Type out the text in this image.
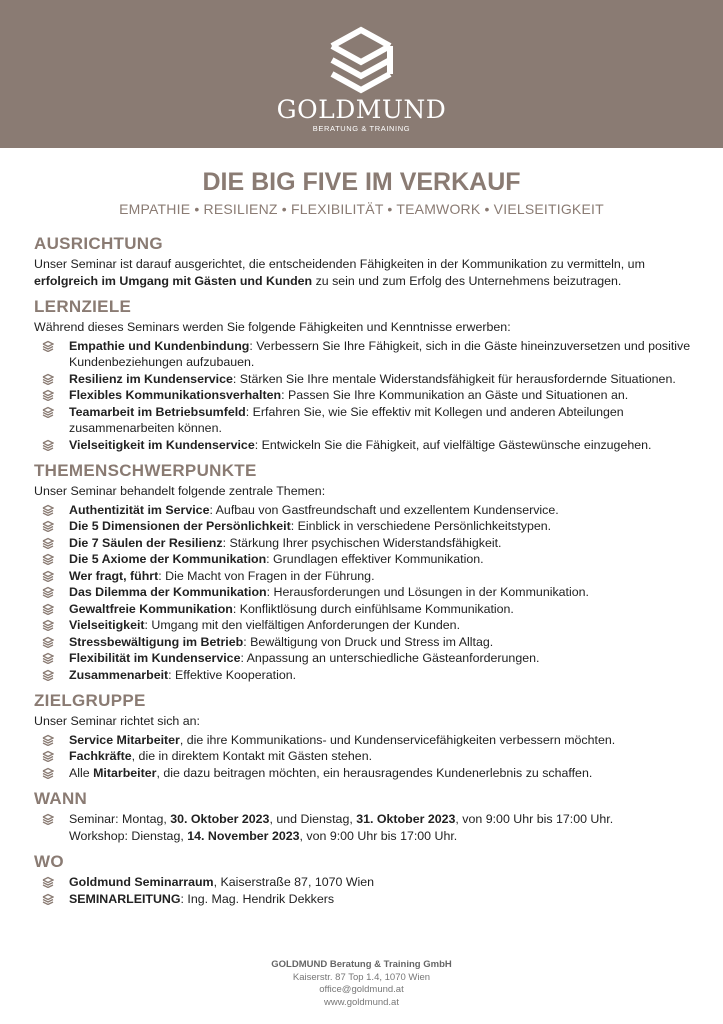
GOLDMUND
BERATUNG & TRAINING
DIE BIG FIVE IM VERKAUF
EMPATHIE • RESILIENZ • FLEXIBILITÄT • TEAMWORK • VIELSEITIGKEIT
AUSRICHTUNG

Unser Seminar ist darauf ausgerichtet, die entscheidenden Fähigkeiten in der Kommunikation zu vermitteln, um erfolgreich im Umgang mit Gästen und Kunden zu sein und zum Erfolg des Unternehmens beizutragen.

LERNZIELE

Während dieses Seminars werden Sie folgende Fähigkeiten und Kenntnisse erwerben:

Empathie und Kundenbindung: Verbessern Sie Ihre Fähigkeit, sich in die Gäste hineinzuversetzen und positive Kundenbeziehungen aufzubauen.
Resilienz im Kundenservice: Stärken Sie Ihre mentale Widerstandsfähigkeit für herausfordernde Situationen.
Flexibles Kommunikationsverhalten: Passen Sie Ihre Kommunikation an Gäste und Situationen an.
Teamarbeit im Betriebsumfeld: Erfahren Sie, wie Sie effektiv mit Kollegen und anderen Abteilungen zusammenarbeiten können.
Vielseitigkeit im Kundenservice: Entwickeln Sie die Fähigkeit, auf vielfältige Gästewünsche einzugehen.
THEMENSCHWERPUNKTE

Unser Seminar behandelt folgende zentrale Themen:

Authentizität im Service: Aufbau von Gastfreundschaft und exzellentem Kundenservice.
Die 5 Dimensionen der Persönlichkeit: Einblick in verschiedene Persönlichkeitstypen.
Die 7 Säulen der Resilienz: Stärkung Ihrer psychischen Widerstandsfähigkeit.
Die 5 Axiome der Kommunikation: Grundlagen effektiver Kommunikation.
Wer fragt, führt: Die Macht von Fragen in der Führung.
Das Dilemma der Kommunikation: Herausforderungen und Lösungen in der Kommunikation.
Gewaltfreie Kommunikation: Konfliktlösung durch einfühlsame Kommunikation.
Vielseitigkeit: Umgang mit den vielfältigen Anforderungen der Kunden.
Stressbewältigung im Betrieb: Bewältigung von Druck und Stress im Alltag.
Flexibilität im Kundenservice: Anpassung an unterschiedliche Gästeanforderungen.
Zusammenarbeit: Effektive Kooperation.
ZIELGRUPPE

Unser Seminar richtet sich an:

Service Mitarbeiter, die ihre Kommunikations- und Kundenservicefähigkeiten verbessern möchten.
Fachkräfte, die in direktem Kontakt mit Gästen stehen.
Alle Mitarbeiter, die dazu beitragen möchten, ein herausragendes Kundenerlebnis zu schaffen.
WANN
Seminar: Montag, 30. Oktober 2023, und Dienstag, 31. Oktober 2023, von 9:00 Uhr bis 17:00 Uhr.
Workshop: Dienstag, 14. November 2023, von 9:00 Uhr bis 17:00 Uhr.
WO
Goldmund Seminarraum, Kaiserstraße 87, 1070 Wien
SEMINARLEITUNG: Ing. Mag. Hendrik Dekkers
GOLDMUND Beratung & Training GmbH
Kaiserstr. 87 Top 1.4, 1070 Wien
office@goldmund.at
www.goldmund.at
